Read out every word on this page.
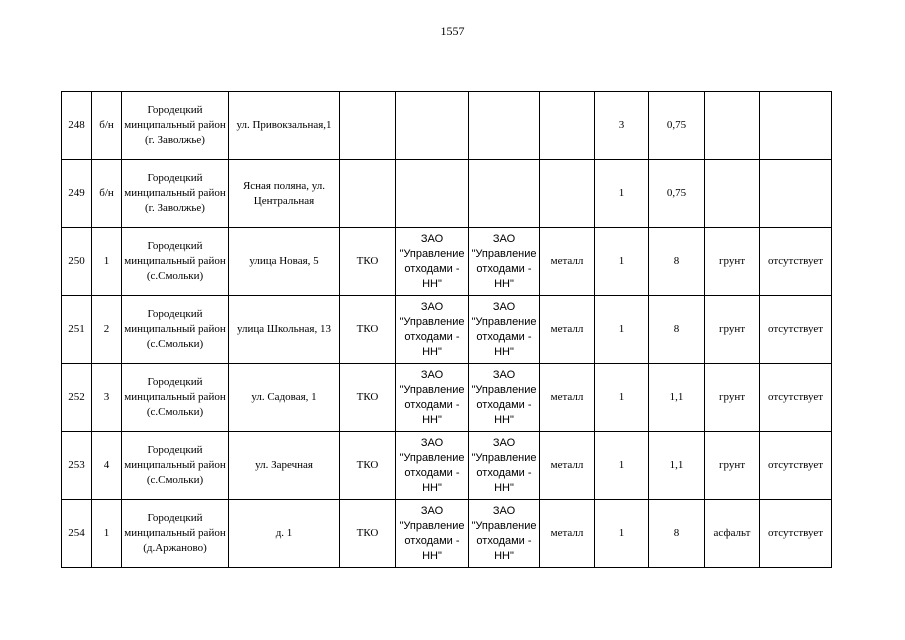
1557
248	б/н	Городецкий минципальный район (г. Заволжье)	ул. Привокзальная,1					3	0,75		
249	б/н	Городецкий минципальный район (г. Заволжье)	Ясная поляна, ул. Центральная					1	0,75		
250	1	Городецкий минципальный район (с.Смольки)	улица Новая, 5	ТКО	ЗАО "Управление отходами - НН"	ЗАО "Управление отходами - НН"	металл	1	8	грунт	отсутствует
251	2	Городецкий минципальный район (с.Смольки)	улица Школьная, 13	ТКО	ЗАО "Управление отходами - НН"	ЗАО "Управление отходами - НН"	металл	1	8	грунт	отсутствует
252	3	Городецкий минципальный район (с.Смольки)	ул. Садовая, 1	ТКО	ЗАО "Управление отходами - НН"	ЗАО "Управление отходами - НН"	металл	1	1,1	грунт	отсутствует
253	4	Городецкий минципальный район (с.Смольки)	ул. Заречная	ТКО	ЗАО "Управление отходами - НН"	ЗАО "Управление отходами - НН"	металл	1	1,1	грунт	отсутствует
254	1	Городецкий минципальный район (д.Аржаново)	д. 1	ТКО	ЗАО "Управление отходами - НН"	ЗАО "Управление отходами - НН"	металл	1	8	асфальт	отсутствует
